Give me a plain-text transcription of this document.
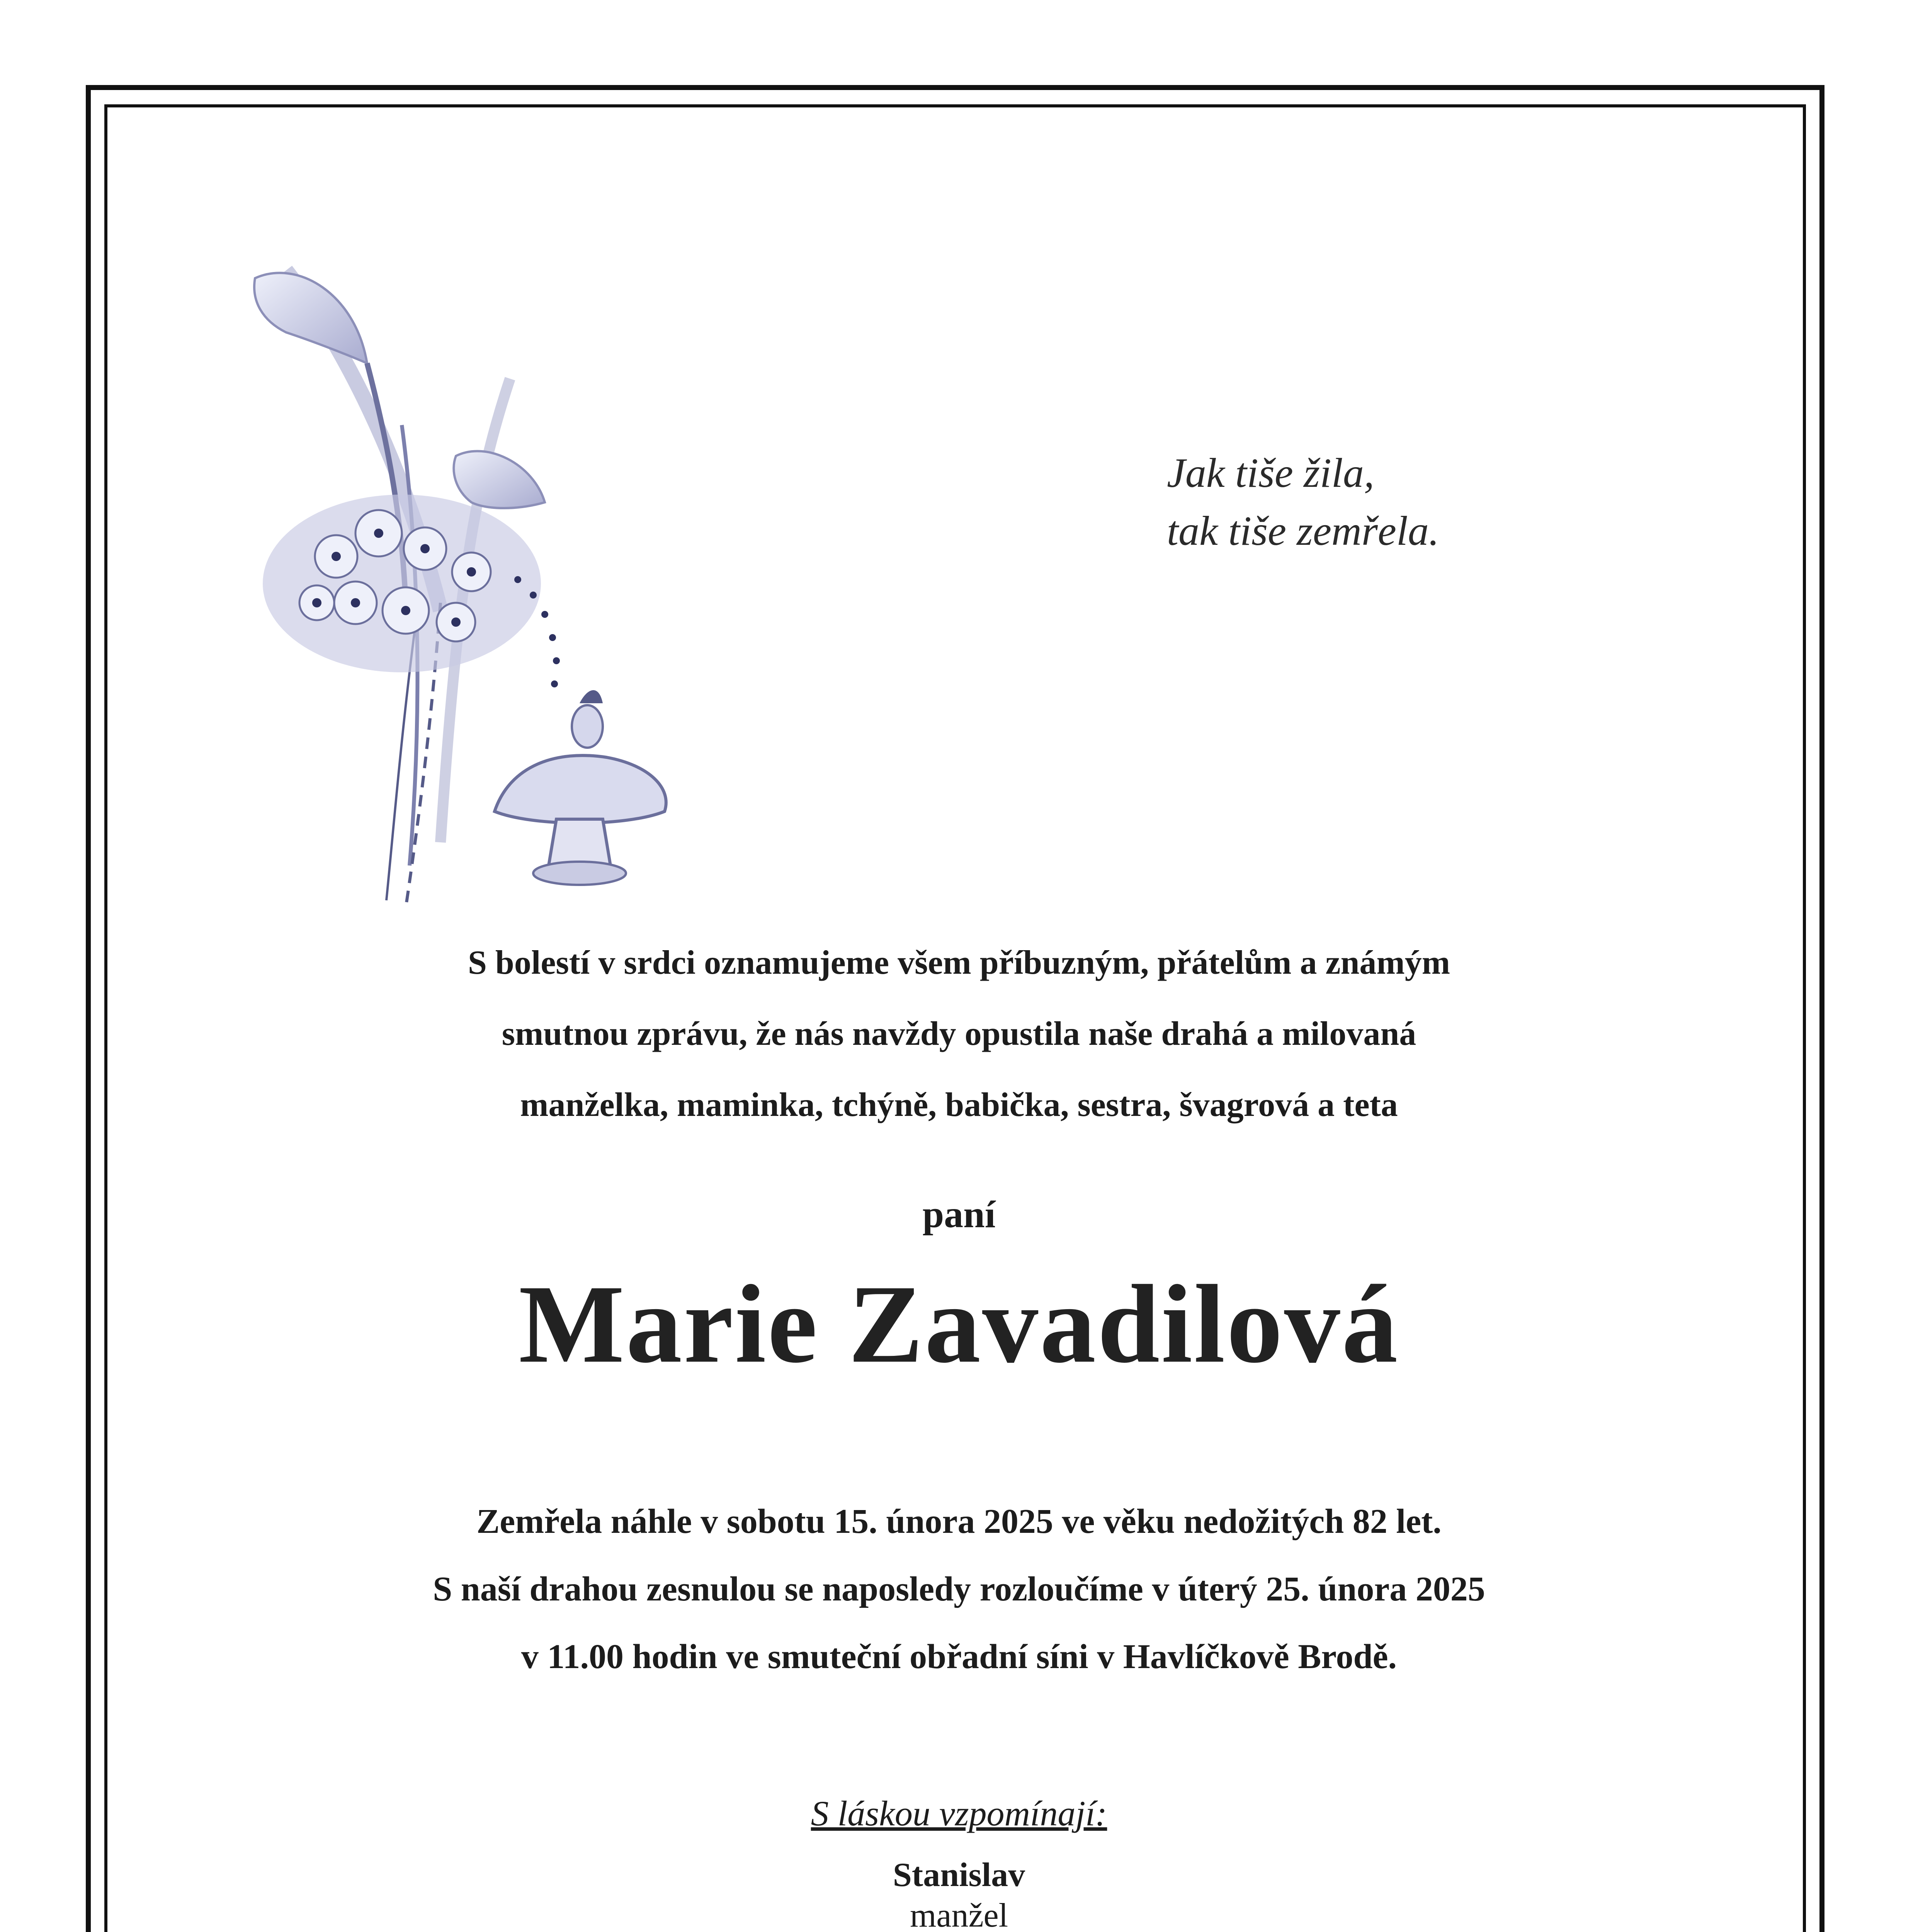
Jak tiše žila,
tak tiše zemřela.
S bolestí v srdci oznamujeme všem příbuzným, přátelům a známým
smutnou zprávu, že nás navždy opustila naše drahá a milovaná
manželka, maminka, tchýně, babička, sestra, švagrová a teta
paní
Marie Zavadilová
Zemřela náhle v sobotu 15. února 2025 ve věku nedožitých 82 let.
S naší drahou zesnulou se naposledy rozloučíme v úterý 25. února 2025
v 11.00 hodin ve smuteční obřadní síni v Havlíčkově Brodě.
S láskou vzpomínají:
Stanislav
manžel
